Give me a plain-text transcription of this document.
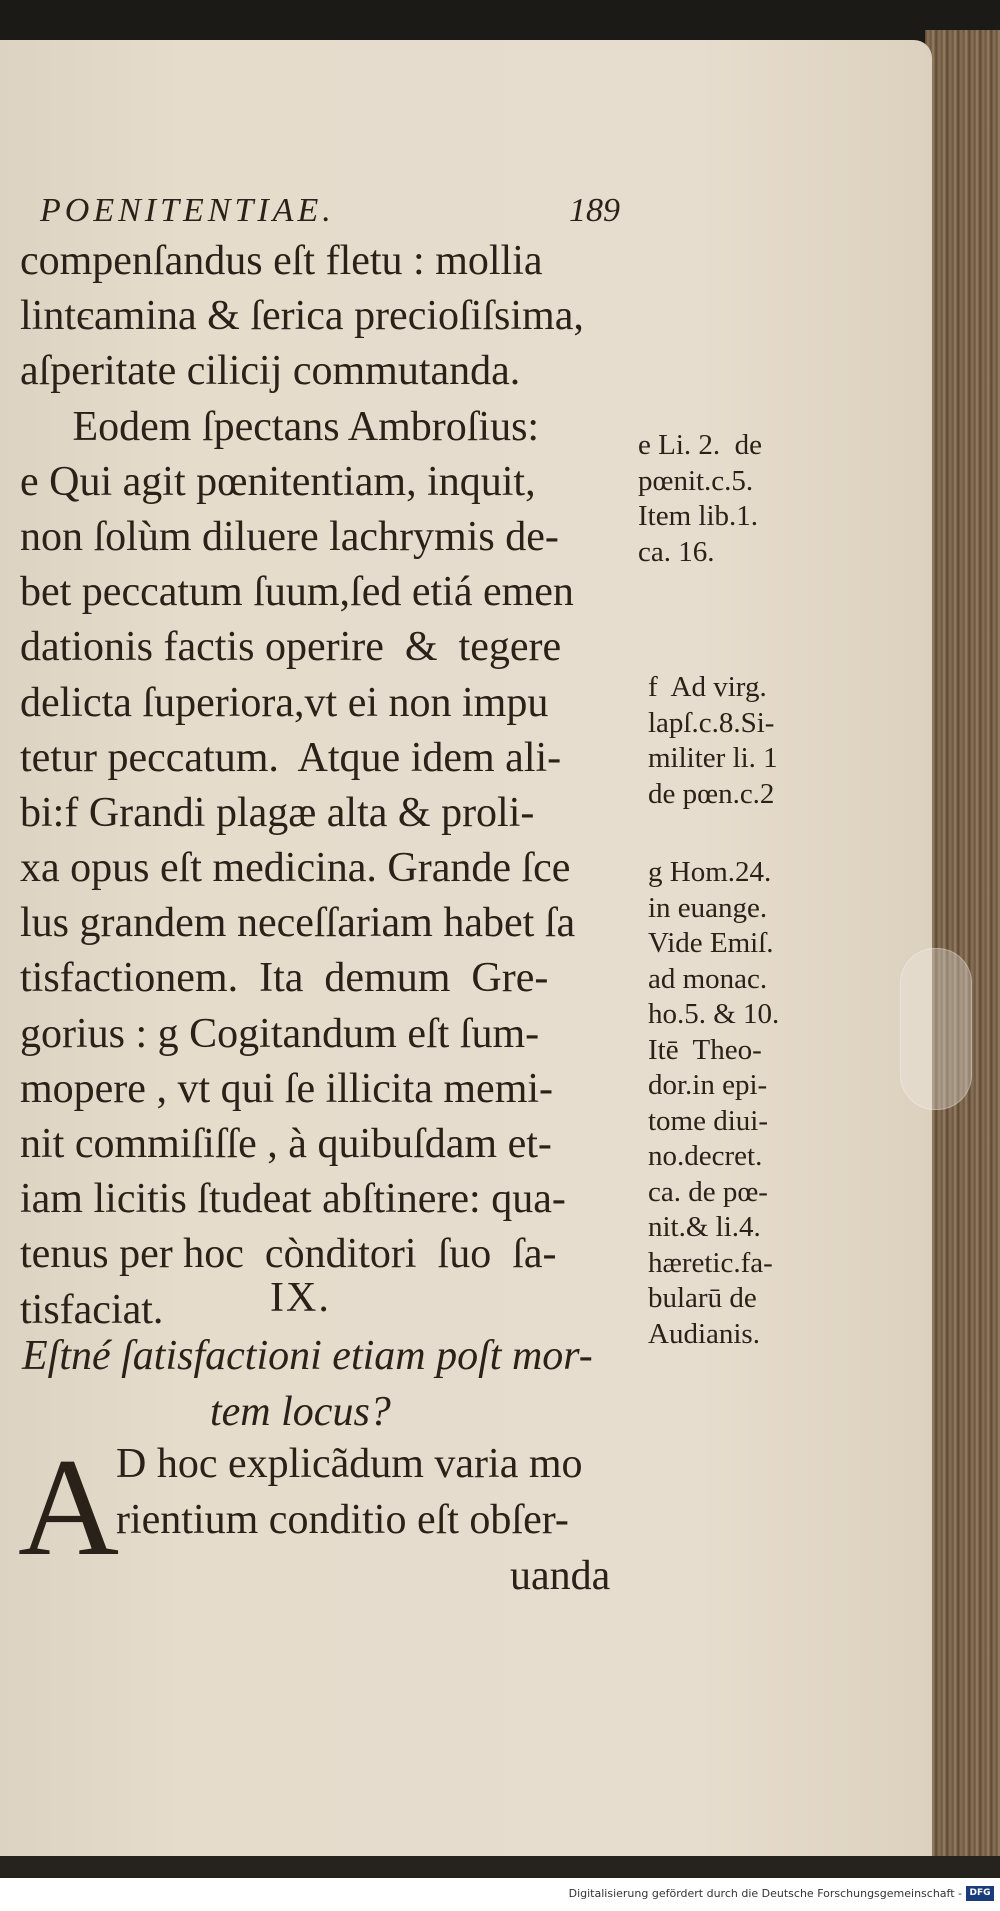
POENITENTIAE.	189
compenſandus eſt fletu : mollia
lintєamina & ſerica precioſiſsima,
aſperitate cilicij commutanda.
Eodem ſpectans Ambroſius:
e Qui agit pœnitentiam, inquit,
non ſolùm diluere lachrymis de-
bet peccatum ſuum,ſed etiá emen
dationis factis operire  &  tegere
delicta ſuperiora,vt ei non impu
tetur peccatum.  Atque idem ali-
bi:f Grandi plagæ alta & proli-
xa opus eſt medicina. Grande ſce
lus grandem neceſſariam habet ſa
tisfactionem.  Ita  demum  Gre-
gorius : g Cogitandum eſt ſum-
mopere , vt qui ſe illicita memi-
nit commiſiſſe , à quibuſdam et-
iam licitis ſtudeat abſtinere: qua-
tenus per hoc  cònditori  ſuo  ſa-
tisfaciat.
e Li. 2.  de
pœnit.c.5.
Item lib.1.
ca. 16.
f  Ad virg.
lapſ.c.8.Si-
militer li. 1
de pœn.c.2
g Hom.24.
in euange.
Vide Emiſ.
ad monac.
ho.5. & 10.
Itē  Theo-
dor.in epi-
tome diui-
no.decret.
ca. de pœ-
nit.& li.4.
hæretic.fa-
bularū de
Audianis.
IX.
Eſtné ſatisfactioni etiam poſt mor-
tem locus?
A
D hoc explicãdum varia mo
rientium conditio eſt obſer-
uanda
Digitalisierung gefördert durch die Deutsche Forschungsgemeinschaft - DFG
